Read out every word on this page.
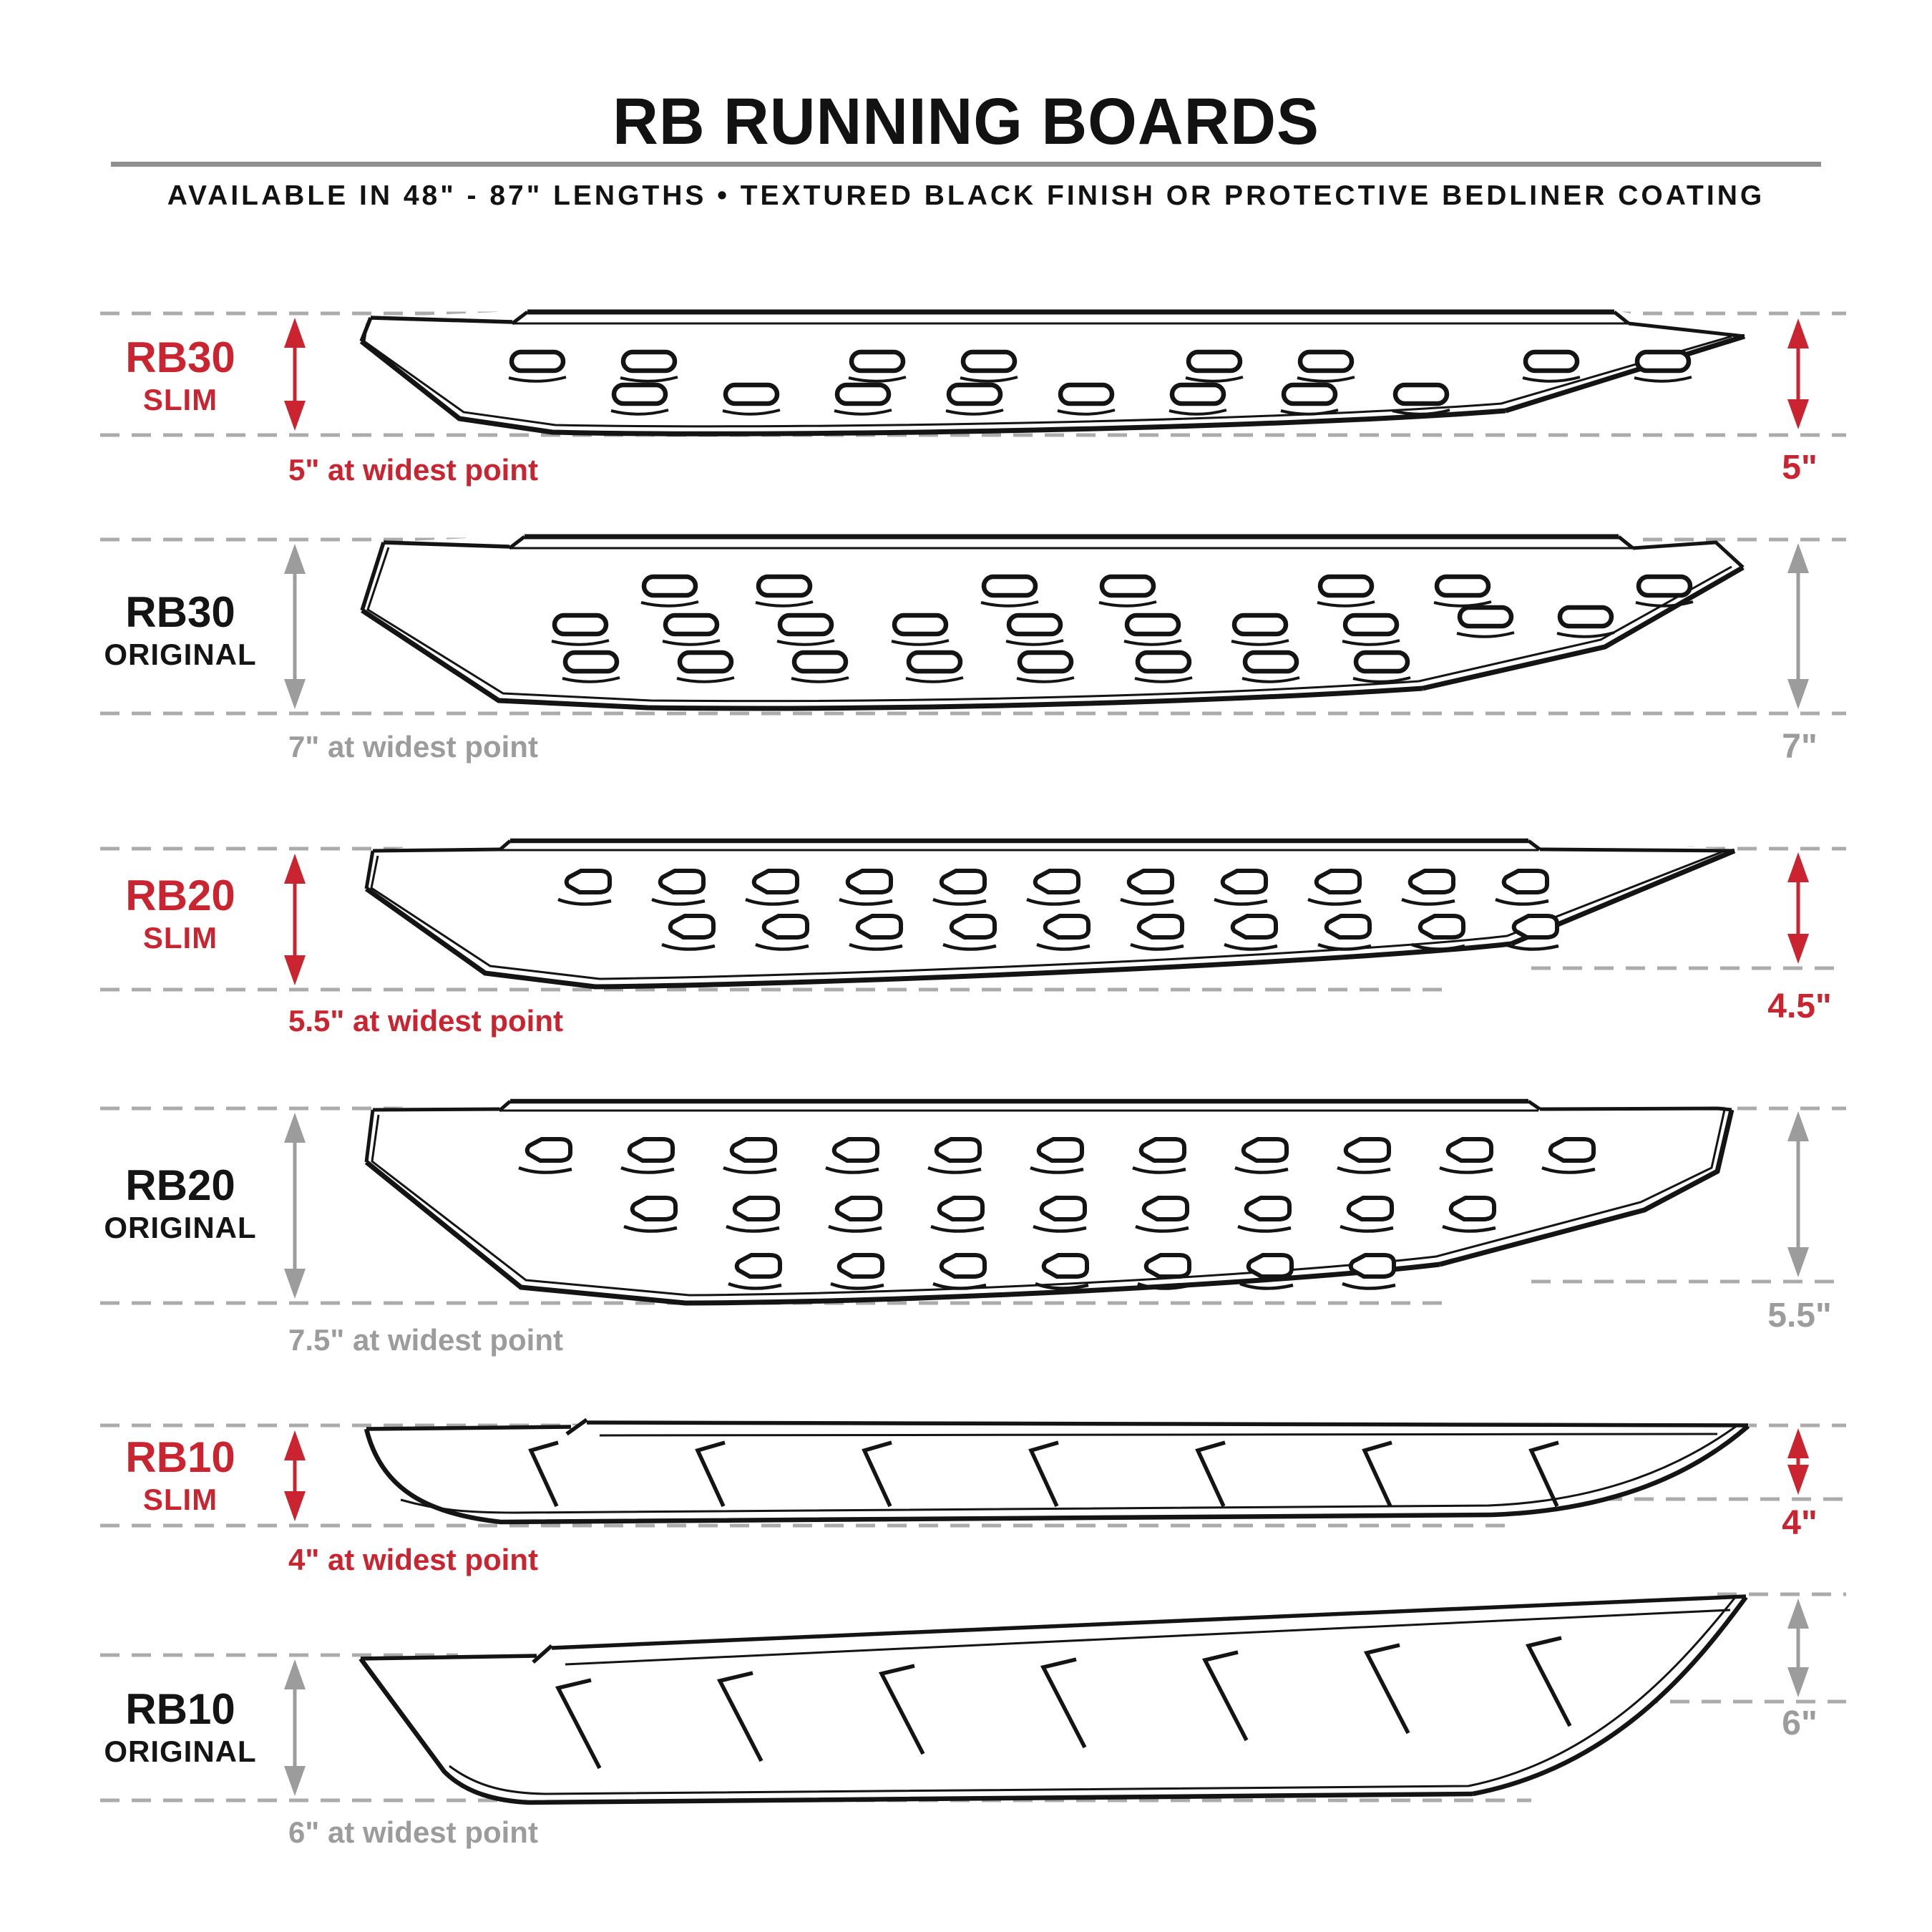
RB RUNNING BOARDS
AVAILABLE IN 48" - 87" LENGTHS • TEXTURED BLACK FINISH OR PROTECTIVE BEDLINER COATING
RB30
SLIM
5" at widest point	5"
RB30
ORIGINAL
7" at widest point	7"
RB20
SLIM
5.5" at widest point	4.5"
RB20
ORIGINAL
7.5" at widest point
5.5"
RB10
SLIM
4" at widest point
4"
RB10
ORIGINAL
6" at widest point
6"
